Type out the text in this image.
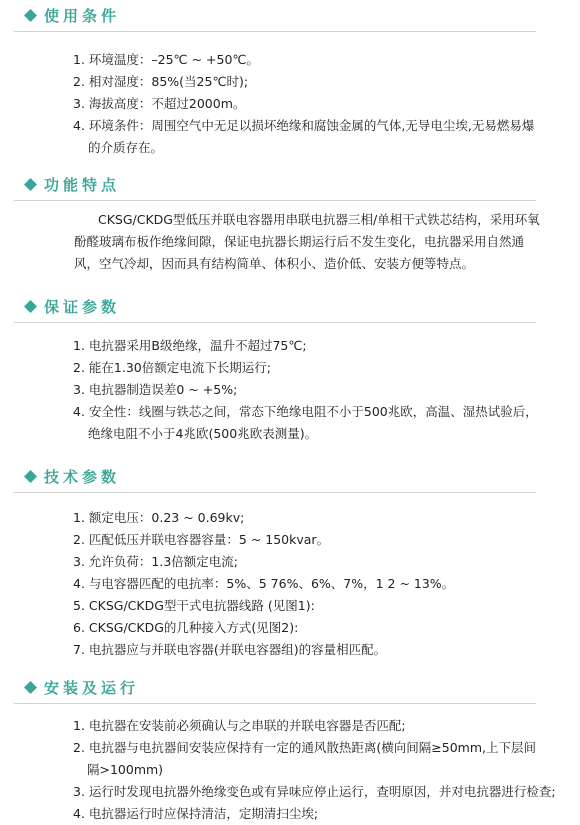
使用条件
1. 环境温度：–25℃ ~ +50℃。
2. 相对湿度：85%(当25℃时);
3. 海拔高度：不超过2000m。
4. 环境条件：周围空气中无足以损坏绝缘和腐蚀金属的气体,无导电尘埃,无易燃易爆的介质存在。
功能特点

CKSG/CKDG型低压并联电容器用串联电抗器三相/单相干式铁芯结构，采用环氧酚醛玻璃布板作绝缘间隙，保证电抗器长期运行后不发生变化，电抗器采用自然通风，空气冷却，因而具有结构简单、体积小、造价低、安装方便等特点。

保证参数
1. 电抗器采用B级绝缘，温升不超过75℃;
2. 能在1.30倍额定电流下长期运行;
3. 电抗器制造误差0 ~ +5%;
4. 安全性：线圈与铁芯之间，常态下绝缘电阻不小于500兆欧，高温、湿热试验后，绝缘电阻不小于4兆欧(500兆欧表测量)。
技术参数
1. 额定电压：0.23 ~ 0.69kv;
2. 匹配低压并联电容器容量：5 ~ 150kvar。
3. 允许负荷：1.3倍额定电流;
4. 与电容器匹配的电抗率：5%、5 76%、6%、7%，1 2 ~ 13%。
5. CKSG/CKDG型干式电抗器线路 (见图1):
6. CKSG/CKDG的几种接入方式(见图2):
7. 电抗器应与并联电容器(并联电容器组)的容量相匹配。
安装及运行
1. 电抗器在安装前必须确认与之串联的并联电容器是否匹配;
2. 电抗器与电抗器间安装应保持有一定的通风散热距离(横向间隔≥50mm,上下层间隔>100mm)
3. 运行时发现电抗器外绝缘变色或有异味应停止运行，查明原因，并对电抗器进行检查;
4. 电抗器运行时应保持清洁，定期清扫尘埃;
